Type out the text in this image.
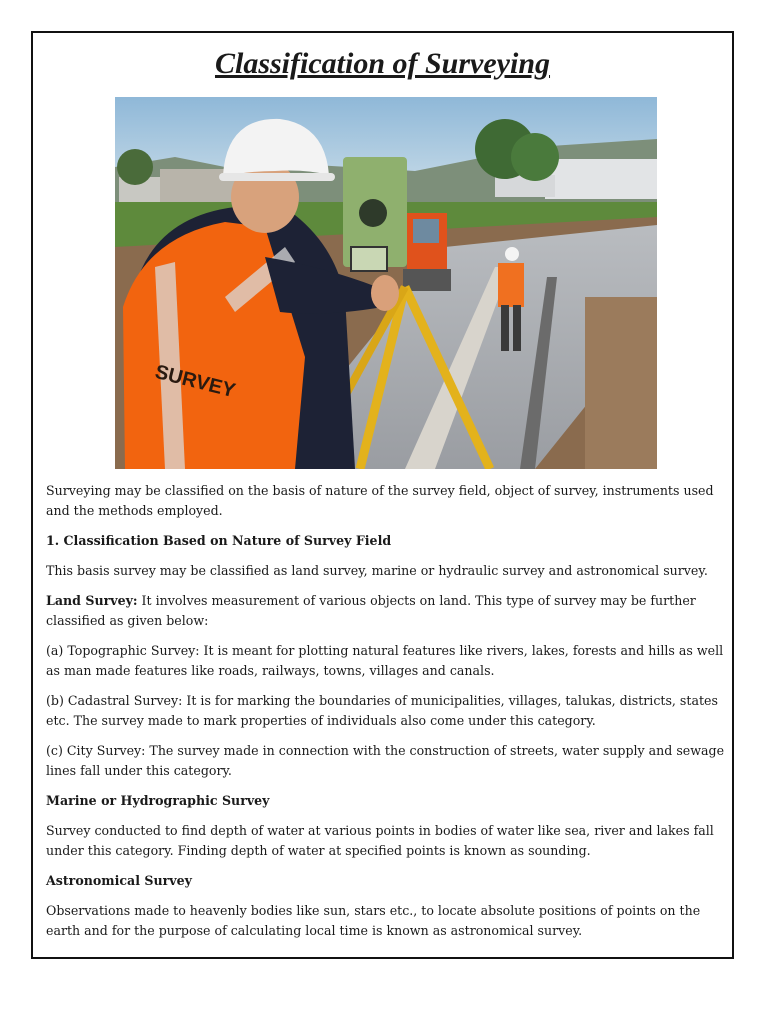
Classification of Surveying
SURVEY

Surveying may be classified on the basis of nature of the survey field, object of survey, instruments used and the methods employed.

1. Classification Based on Nature of Survey Field

This basis survey may be classified as land survey, marine or hydraulic survey and astronomical survey.

Land Survey: It involves measurement of various objects on land. This type of survey may be further classified as given below:

(a) Topographic Survey: It is meant for plotting natural features like rivers, lakes, forests and hills as well as man made features like roads, railways, towns, villages and canals.

(b) Cadastral Survey: It is for marking the boundaries of municipalities, villages, talukas, districts, states etc. The survey made to mark properties of individuals also come under this category.

(c) City Survey: The survey made in connection with the construction of streets, water supply and sewage lines fall under this category.

Marine or Hydrographic Survey

Survey conducted to find depth of water at various points in bodies of water like sea, river and lakes fall under this category. Finding depth of water at specified points is known as sounding.

Astronomical Survey

Observations made to heavenly bodies like sun, stars etc., to locate absolute positions of points on the earth and for the purpose of calculating local time is known as astronomical survey.
